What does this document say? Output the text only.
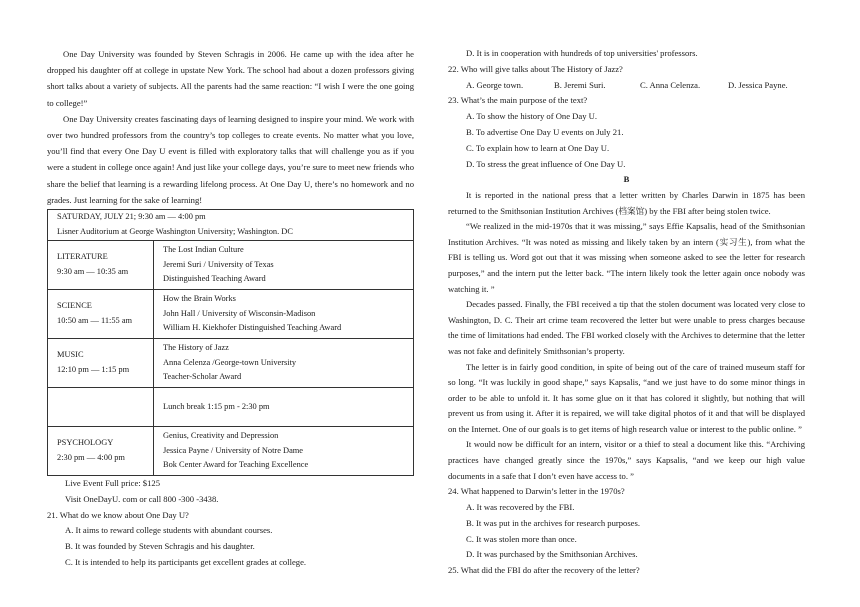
One Day University was founded by Steven Schragis in 2006. He came up with the idea after he dropped his daughter off at college in upstate New York. The school had about a dozen professors giving short talks about a variety of subjects. All the parents had the same reaction: “I wish I were the one going to college!”

One Day University creates fascinating days of learning designed to inspire your mind. We work with over two hundred professors from the country’s top colleges to create events. No matter what you love, you’ll find that every One Day U event is filled with exploratory talks that will challenge you as if you were a student in college once again! And just like your college days, you’re sure to meet new friends who share the belief that learning is a rewarding lifelong process. At One Day U, there’s no homework and no grades. Just learning for the sake of learning!

SATURDAY, JULY 21; 9:30 am — 4:00 pm
Lisner Auditorium at George Washington University; Washington. DC	

LITERATURE
9:30 am — 10:35 am	The Lost Indian Culture
Jeremi Suri / University of Texas
Distinguished Teaching Award

SCIENCE
10:50 am — 11:55 am	How the Brain Works
John Hall / University of Wisconsin-Madison
William H. Kiekhofer Distinguished Teaching Award

MUSIC
12:10 pm — 1:15 pm	The History of Jazz
Anna Celenza /George-town University
Teacher-Scholar Award

	Lunch break 1:15 pm - 2:30 pm

PSYCHOLOGY
2:30 pm — 4:00 pm	Genius, Creativity and Depression
Jessica Payne / University of Notre Dame
Bok Center Award for Teaching Excellence

Live Event Full price: $125

Visit OneDayU. com or call 800 -300 -3438.

21. What do we know about One Day U?

A. It aims to reward college students with abundant courses.

B. It was founded by Steven Schragis and his daughter.

C. It is intended to help its participants get excellent grades at college.

D. It is in cooperation with hundreds of top universities' professors.

22. Who will give talks about The History of Jazz?

A. George town.	B. Jeremi Suri.	C. Anna Celenza.	D. Jessica Payne.

23. What’s the main purpose of the text?

A. To show the history of One Day U.

B. To advertise One Day U events on July 21.

C. To explain how to learn at One Day U.

D. To stress the great influence of One Day U.

B

It is reported in the national press that a letter written by Charles Darwin in 1875 has been returned to the Smithsonian Institution Archives (档案馆) by the FBI after being stolen twice.

“We realized in the mid-1970s that it was missing,” says Effie Kapsalis, head of the Smithsonian Institution Archives. “It was noted as missing and likely taken by an intern (实习生), from what the FBI is telling us. Word got out that it was missing when someone asked to see the letter for research purposes,” and the intern put the letter back. “The intern likely took the letter again once nobody was watching it. ”

Decades passed. Finally, the FBI received a tip that the stolen document was located very close to Washington, D. C. Their art crime team recovered the letter but were unable to press charges because the time of limitations had ended. The FBI worked closely with the Archives to determine that the letter was not fake and definitely Smithsonian’s property.

The letter is in fairly good condition, in spite of being out of the care of trained museum staff for so long. “It was luckily in good shape,” says Kapsalis, “and we just have to do some minor things in order to be able to unfold it. It has some glue on it that has colored it slightly, but nothing that will prevent us from using it. After it is repaired, we will take digital photos of it and that will be displayed on the Internet. One of our goals is to get items of high research value or interest to the public online. ”

It would now be difficult for an intern, visitor or a thief to steal a document like this. “Archiving practices have changed greatly since the 1970s,” says Kapsalis, “and we keep our high value documents in a safe that I don’t even have access to. ”

24. What happened to Darwin’s letter in the 1970s?

A. It was recovered by the FBI.

B. It was put in the archives for research purposes.

C. It was stolen more than once.

D. It was purchased by the Smithsonian Archives.

25. What did the FBI do after the recovery of the letter?
